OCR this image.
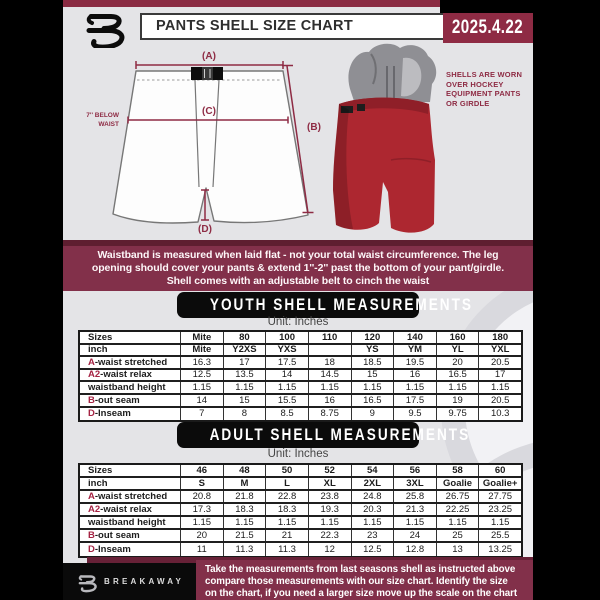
PANTS SHELL SIZE CHART	2025.4.22
(A)
(B)
(C)
(D)
7'' BELOW
WAIST
SHELLS ARE WORN OVER HOCKEY EQUIPMENT PANTS OR GIRDLE
Waistband is measured when laid flat - not your total waist circumference. The leg
opening should cover your pants & extend 1''-2'' past the bottom of your pant/girdle.
Shell comes with an adjustable belt to cinch the waist
YOUTH SHELL MEASUREMENTS
Unit: Inches
Sizes	Mite	80	100	110	120	140	160	180
inch	Mite	Y2XS	YXS	YS	YM	YL	YXL
A -waist stretched	16.3	17	17.5	18	18.5	19.5	20	20.5
A2 -waist relax	12.5	13.5	14	14.5	15	16	16.5	17
waistband height	1.15	1.15	1.15	1.15	1.15	1.15	1.15	1.15
B -out seam	14	15	15.5	16	16.5	17.5	19	20.5
D -Inseam	7	8	8.5	8.75	9	9.5	9.75	10.3
ADULT SHELL MEASUREMENTS
Unit: Inches
Sizes	46	48	50	52	54	56	58	60
inch	S	M	L	XL	2XL	3XL	Goalie	Goalie+
A -waist stretched	20.8	21.8	22.8	23.8	24.8	25.8	26.75	27.75
A2 -waist relax	17.3	18.3	18.3	19.3	20.3	21.3	22.25	23.25
waistband height	1.15	1.15	1.15	1.15	1.15	1.15	1.15	1.15
B -out seam	20	21.5	21	22.3	23	24	25	25.5
D -Inseam	11	11.3	11.3	12	12.5	12.8	13	13.25
BREAKAWAY
Take the measurements from last seasons shell as instructed above
compare those measurements with our size chart. Identify the size
on the chart, if you need a larger size move up the scale on the chart
